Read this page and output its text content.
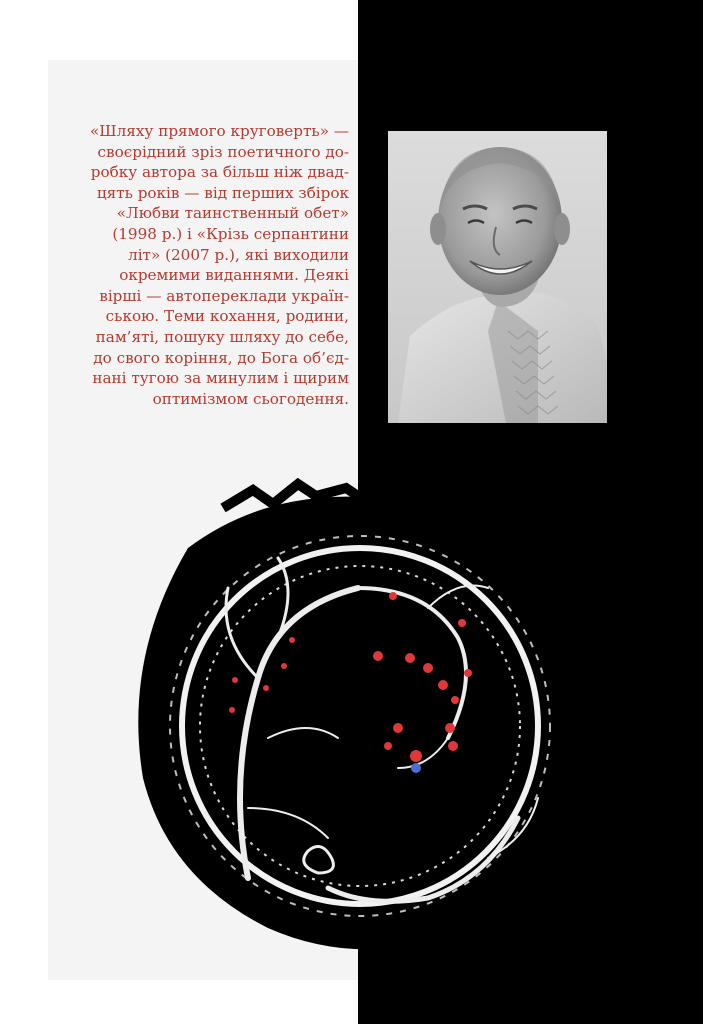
«Шляху прямого круговерть» —
своєрідний зріз поетичного до-
робку автора за більш ніж двад-
цять років — від перших збірок
«Любви таинственный обет»
(1998 р.) і «Крізь серпантини
літ» (2007 р.), які виходили
окремими виданнями. Деякі
вірші — автопереклади україн-
ською. Теми кохання, родини,
пам’яті, пошуку шляху до себе,
до свого коріння, до Бога об’єд-
нані тугою за минулим і щирим
оптимізмом сьогодення.
